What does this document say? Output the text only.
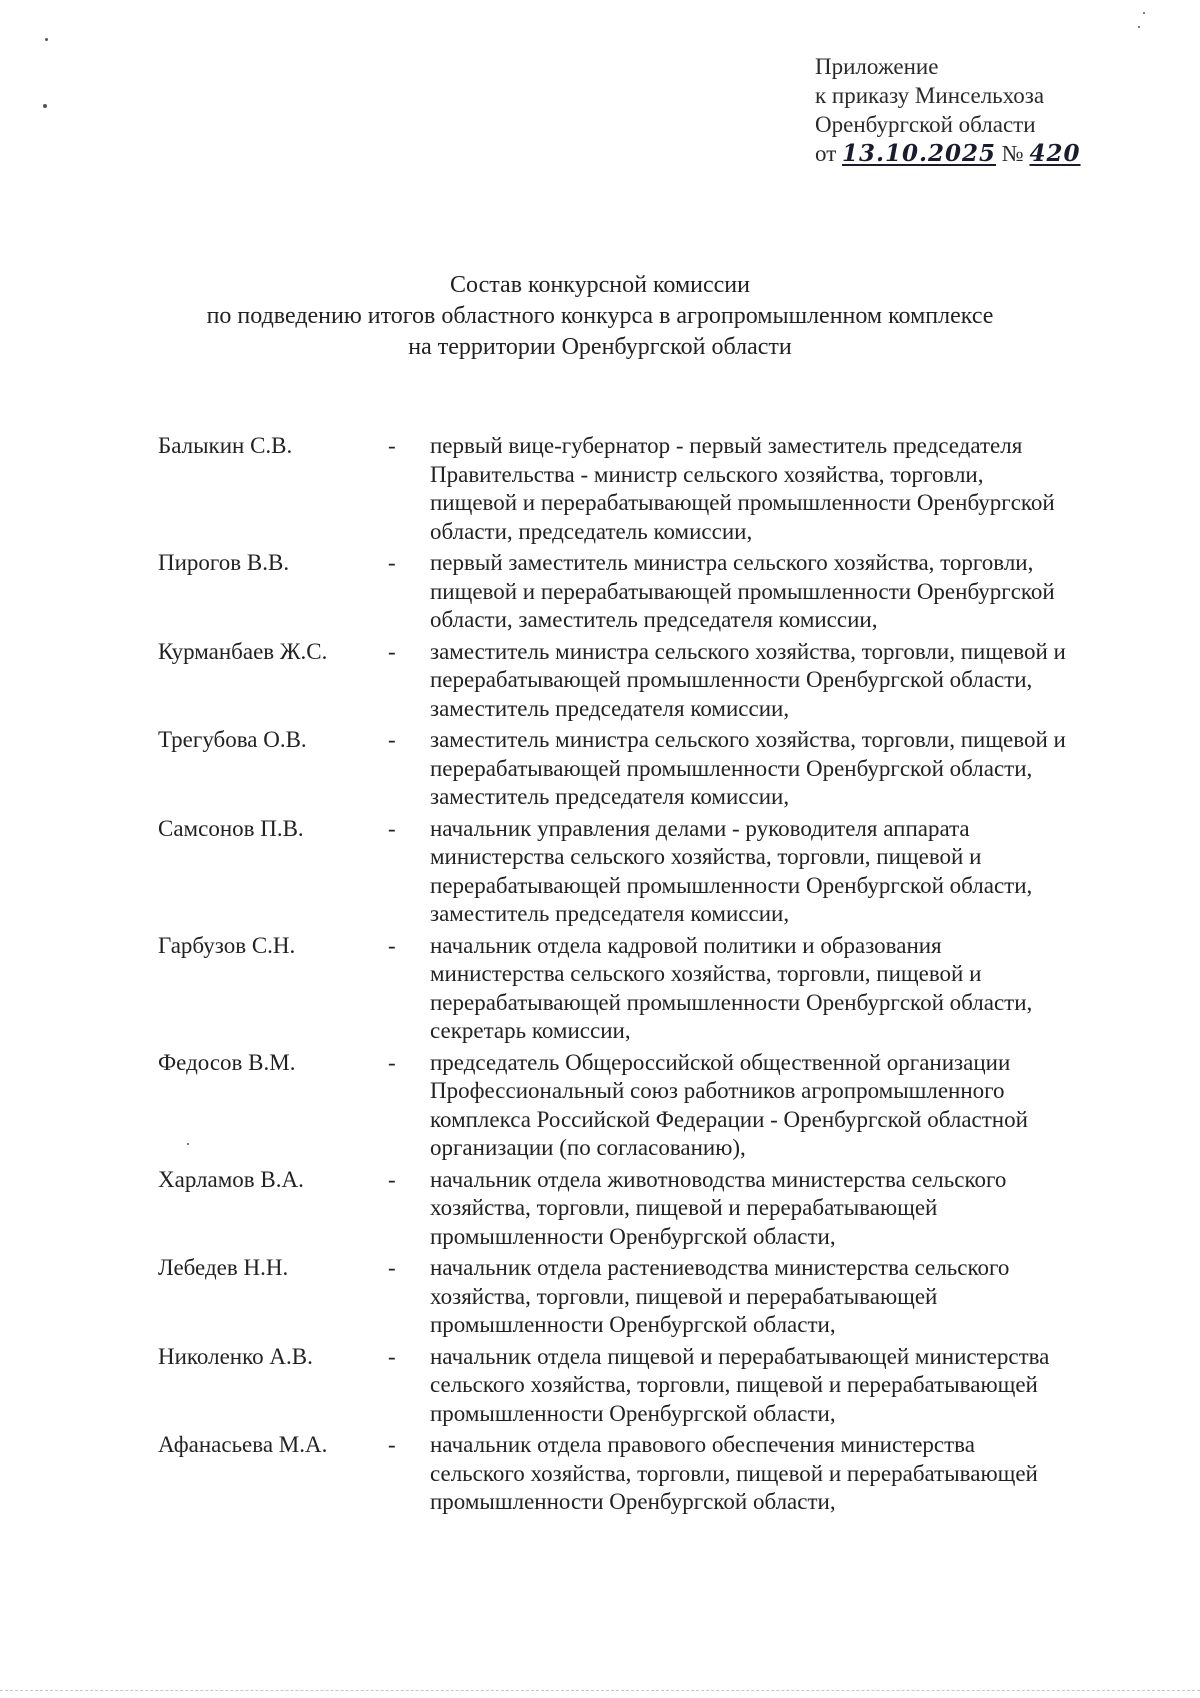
Приложение
к приказу Минсельхоза
Оренбургской области
от 13.10.2025 № 420
Состав конкурсной комиссии
по подведению итогов областного конкурса в агропромышленном комплексе
на территории Оренбургской области
Балыкин С.В.	-	первый вице-губернатор - первый заместитель председателя
Правительства - министр сельского хозяйства, торговли,
пищевой и перерабатывающей промышленности Оренбургской
области, председатель комиссии,
Пирогов В.В.	-	первый заместитель министра сельского хозяйства, торговли,
пищевой и перерабатывающей промышленности Оренбургской
области, заместитель председателя комиссии,
Курманбаев Ж.С.	-	заместитель министра сельского хозяйства, торговли, пищевой и
перерабатывающей промышленности Оренбургской области,
заместитель председателя комиссии,
Трегубова О.В.	-	заместитель министра сельского хозяйства, торговли, пищевой и
перерабатывающей промышленности Оренбургской области,
заместитель председателя комиссии,
Самсонов П.В.	-	начальник управления делами - руководителя аппарата
министерства сельского хозяйства, торговли, пищевой и
перерабатывающей промышленности Оренбургской области,
заместитель председателя комиссии,
Гарбузов С.Н.	-	начальник отдела кадровой политики и образования
министерства сельского хозяйства, торговли, пищевой и
перерабатывающей промышленности Оренбургской области,
секретарь комиссии,
Федосов В.М.	-	председатель Общероссийской общественной организации
Профессиональный союз работников агропромышленного
комплекса Российской Федерации - Оренбургской областной
организации (по согласованию),
Харламов В.А.	-	начальник отдела животноводства министерства сельского
хозяйства, торговли, пищевой и перерабатывающей
промышленности Оренбургской области,
Лебедев Н.Н.	-	начальник отдела растениеводства министерства сельского
хозяйства, торговли, пищевой и перерабатывающей
промышленности Оренбургской области,
Николенко А.В.	-	начальник отдела пищевой и перерабатывающей министерства
сельского хозяйства, торговли, пищевой и перерабатывающей
промышленности Оренбургской области,
Афанасьева М.А.	-	начальник отдела правового обеспечения министерства
сельского хозяйства, торговли, пищевой и перерабатывающей
промышленности Оренбургской области,
